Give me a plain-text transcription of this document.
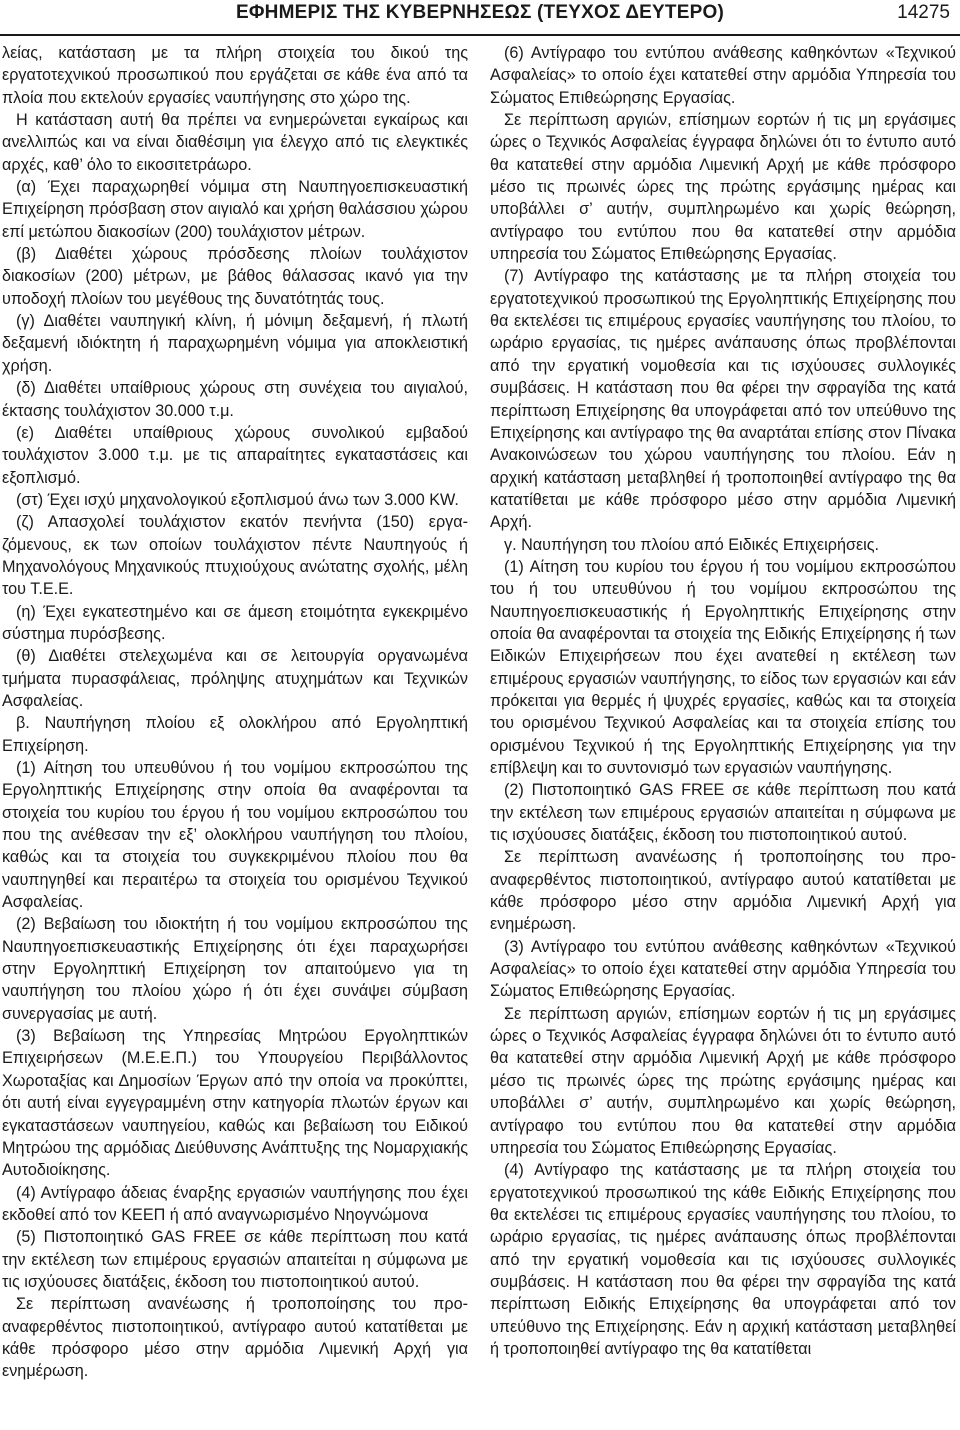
ΕΦΗΜΕΡΙΣ ΤΗΣ ΚΥΒΕΡΝΗΣΕΩΣ (ΤΕΥΧΟΣ ΔΕΥΤΕΡΟ)	14275

λείας, κατάσταση με τα πλήρη στοιχεία του δικού της εργατοτεχνικού προσωπικού που εργάζεται σε κάθε ένα από τα πλοία που εκτελούν εργασίες ναυπήγησης στο χώρο της.

Η κατάσταση αυτή θα πρέπει να ενημερώνεται εγκαίρως και ανελλιπώς και να είναι διαθέσιμη για έλεγχο από τις ελεγκτικές αρχές, καθ’ όλο το εικοσιτετράωρο.

(α) Έχει παραχωρηθεί νόμιμα στη Ναυπηγοεπισκευαστική Επιχείρηση πρόσβαση στον αιγιαλό και χρήση θαλάσσιου χώρου επί μετώπου διακοσίων (200) τουλάχιστον μέτρων.

(β) Διαθέτει χώρους πρόσδεσης πλοίων τουλάχιστον διακοσίων (200) μέτρων, με βάθος θάλασσας ικανό για την υποδοχή πλοίων του μεγέθους της δυνατότητάς τους.

(γ) Διαθέτει ναυπηγική κλίνη, ή μόνιμη δεξαμενή, ή πλωτή δεξαμενή ιδιόκτητη ή παραχωρημένη νόμιμα για αποκλειστική χρήση.

(δ) Διαθέτει υπαίθριους χώρους στη συνέχεια του αιγιαλού, έκτασης τουλάχιστον 30.000 τ.μ.

(ε) Διαθέτει υπαίθριους χώρους συνολικού εμβαδού τουλάχιστον 3.000 τ.μ. με τις απαραίτητες εγκαταστάσεις και εξοπλισμό.

(στ) Έχει ισχύ μηχανολογικού εξοπλισμού άνω των 3.000 KW.

(ζ) Απασχολεί τουλάχιστον εκατόν πενήντα (150) εργαζόμενους, εκ των οποίων τουλάχιστον πέντε Ναυπηγούς ή Μηχανολόγους Μηχανικούς πτυχιούχους ανώτατης σχολής, μέλη του Τ.Ε.Ε.

(η) Έχει εγκατεστημένο και σε άμεση ετοιμότητα εγκεκριμένο σύστημα πυρόσβεσης.

(θ) Διαθέτει στελεχωμένα και σε λειτουργία οργανωμένα τμήματα πυρασφάλειας, πρόληψης ατυχημάτων και Τεχνικών Ασφαλείας.

β. Ναυπήγηση πλοίου εξ ολοκλήρου από Εργοληπτική Επιχείρηση.

(1) Αίτηση του υπευθύνου ή του νομίμου εκπροσώπου της Εργοληπτικής Επιχείρησης στην οποία θα αναφέρονται τα στοιχεία του κυρίου του έργου ή του νομίμου εκπροσώπου του που της ανέθεσαν την εξ’ ολοκλήρου ναυπήγηση του πλοίου, καθώς και τα στοιχεία του συγκεκριμένου πλοίου που θα ναυπηγηθεί και περαιτέρω τα στοιχεία του ορισμένου Τεχνικού Ασφαλείας.

(2) Βεβαίωση του ιδιοκτήτη ή του νομίμου εκπροσώπου της Ναυπηγοεπισκευαστικής Επιχείρησης ότι έχει παραχωρήσει στην Εργοληπτική Επιχείρηση τον απαιτούμενο για τη ναυπήγηση του πλοίου χώρο ή ότι έχει συνάψει σύμβαση συνεργασίας με αυτή.

(3) Βεβαίωση της Υπηρεσίας Μητρώου Εργοληπτικών Επιχειρήσεων (Μ.Ε.Ε.Π.) του Υπουργείου Περιβάλλοντος Χωροταξίας και Δημοσίων Έργων από την οποία να προκύπτει, ότι αυτή είναι εγγεγραμμένη στην κατηγορία πλωτών έργων και εγκαταστάσεων ναυπηγείου, καθώς και βεβαίωση του Ειδικού Μητρώου της αρμόδιας Διεύθυνσης Ανάπτυξης της Νομαρχιακής Αυτοδιοίκησης.

(4) Αντίγραφο άδειας έναρξης εργασιών ναυπήγησης που έχει εκδοθεί από τον ΚΕΕΠ ή από αναγνωρισμένο Νηογνώμονα

(5) Πιστοποιητικό GAS FREE σε κάθε περίπτωση που κατά την εκτέλεση των επιμέρους εργασιών απαιτείται η σύμφωνα με τις ισχύουσες διατάξεις, έκδοση του πιστοποιητικού αυτού.

Σε περίπτωση ανανέωσης ή τροποποίησης του προαναφερθέντος πιστοποιητικού, αντίγραφο αυτού κατατίθεται με κάθε πρόσφορο μέσο στην αρμόδια Λιμενική Αρχή για ενημέρωση.

(6) Αντίγραφο του εντύπου ανάθεσης καθηκόντων «Τεχνικού Ασφαλείας» το οποίο έχει κατατεθεί στην αρμόδια Υπηρεσία του Σώματος Επιθεώρησης Εργασίας.

Σε περίπτωση αργιών, επίσημων εορτών ή τις μη εργάσιμες ώρες ο Τεχνικός Ασφαλείας έγγραφα δηλώνει ότι το έντυπο αυτό θα κατατεθεί στην αρμόδια Λιμενική Αρχή με κάθε πρόσφορο μέσο τις πρωινές ώρες της πρώτης εργάσιμης ημέρας και υποβάλλει σ’ αυτήν, συμπληρωμένο και χωρίς θεώρηση, αντίγραφο του εντύπου που θα κατατεθεί στην αρμόδια υπηρεσία του Σώματος Επιθεώρησης Εργασίας.

(7) Αντίγραφο της κατάστασης με τα πλήρη στοιχεία του εργατοτεχνικού προσωπικού της Εργοληπτικής Επιχείρησης που θα εκτελέσει τις επιμέρους εργασίες ναυπήγησης του πλοίου, το ωράριο εργασίας, τις ημέρες ανάπαυσης όπως προβλέπονται από την εργατική νομοθεσία και τις ισχύουσες συλλογικές συμβάσεις. Η κατάσταση που θα φέρει την σφραγίδα της κατά περίπτωση Επιχείρησης θα υπογράφεται από τον υπεύθυνο της Επιχείρησης και αντίγραφο της θα αναρτάται επίσης στον Πίνακα Ανακοινώσεων του χώρου ναυπήγησης του πλοίου. Εάν η αρχική κατάσταση μεταβληθεί ή τροποποιηθεί αντίγραφο της θα κατατίθεται με κάθε πρόσφορο μέσο στην αρμόδια Λιμενική Αρχή.

γ. Ναυπήγηση του πλοίου από Ειδικές Επιχειρήσεις.

(1) Αίτηση του κυρίου του έργου ή του νομίμου εκπροσώπου του ή του υπευθύνου ή του νομίμου εκπροσώπου της Ναυπηγοεπισκευαστικής ή Εργοληπτικής Επιχείρησης στην οποία θα αναφέρονται τα στοιχεία της Ειδικής Επιχείρησης ή των Ειδικών Επιχειρήσεων που έχει ανατεθεί η εκτέλεση των επιμέρους εργασιών ναυπήγησης, το είδος των εργασιών και εάν πρόκειται για θερμές ή ψυχρές εργασίες, καθώς και τα στοιχεία του ορισμένου Τεχνικού Ασφαλείας και τα στοιχεία επίσης του ορισμένου Τεχνικού ή της Εργοληπτικής Επιχείρησης για την επίβλεψη και το συντονισμό των εργασιών ναυπήγησης.

(2) Πιστοποιητικό GAS FREE σε κάθε περίπτωση που κατά την εκτέλεση των επιμέρους εργασιών απαιτείται η σύμφωνα με τις ισχύουσες διατάξεις, έκδοση του πιστοποιητικού αυτού.

Σε περίπτωση ανανέωσης ή τροποποίησης του προαναφερθέντος πιστοποιητικού, αντίγραφο αυτού κατατίθεται με κάθε πρόσφορο μέσο στην αρμόδια Λιμενική Αρχή για ενημέρωση.

(3) Αντίγραφο του εντύπου ανάθεσης καθηκόντων «Τεχνικού Ασφαλείας» το οποίο έχει κατατεθεί στην αρμόδια Υπηρεσία του Σώματος Επιθεώρησης Εργασίας.

Σε περίπτωση αργιών, επίσημων εορτών ή τις μη εργάσιμες ώρες ο Τεχνικός Ασφαλείας έγγραφα δηλώνει ότι το έντυπο αυτό θα κατατεθεί στην αρμόδια Λιμενική Αρχή με κάθε πρόσφορο μέσο τις πρωινές ώρες της πρώτης εργάσιμης ημέρας και υποβάλλει σ’ αυτήν, συμπληρωμένο και χωρίς θεώρηση, αντίγραφο του εντύπου που θα κατατεθεί στην αρμόδια υπηρεσία του Σώματος Επιθεώρησης Εργασίας.

(4) Αντίγραφο της κατάστασης με τα πλήρη στοιχεία του εργατοτεχνικού προσωπικού της κάθε Ειδικής Επιχείρησης που θα εκτελέσει τις επιμέρους εργασίες ναυπήγησης του πλοίου, το ωράριο εργασίας, τις ημέρες ανάπαυσης όπως προβλέπονται από την εργατική νομοθεσία και τις ισχύουσες συλλογικές συμβάσεις. Η κατάσταση που θα φέρει την σφραγίδα της κατά περίπτωση Ειδικής Επιχείρησης θα υπογράφεται από τον υπεύθυνο της Επιχείρησης. Εάν η αρχική κατάσταση μεταβληθεί ή τροποποιηθεί αντίγραφο της θα κατατίθεται
